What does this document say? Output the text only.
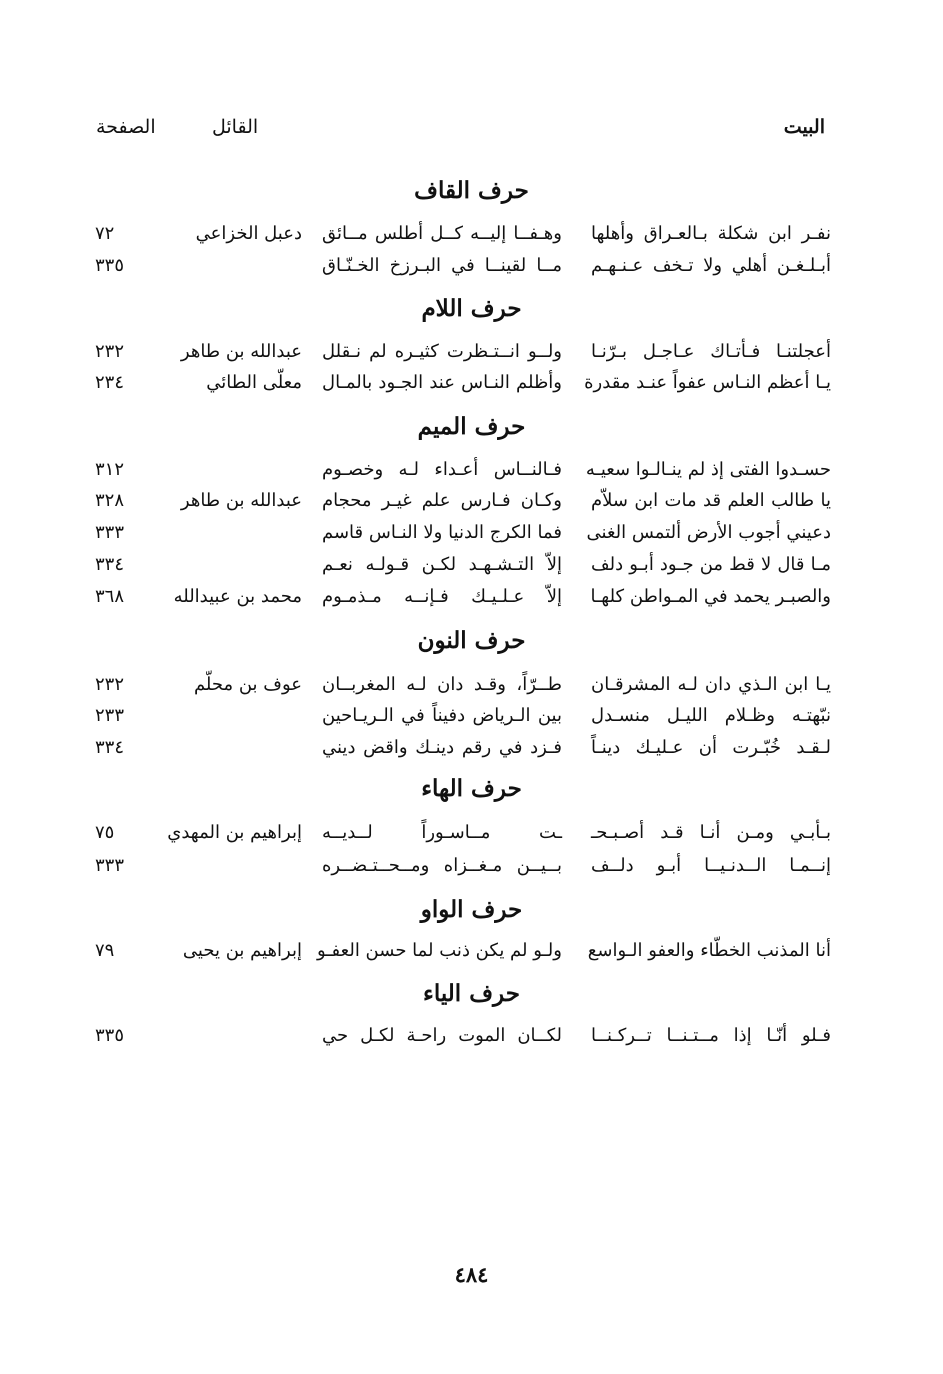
البيت
القائل
الصفحة
حرف القاف
نفـر ابن شكلة بـالعـراق وأهلها
وهـفــا إليــه كــل أطلس مــائق
دعبل الخزاعي
٧٢
أبـلـغـن أهلي ولا تـخف عـنـهـم
مــا لقينــا في البـرزخ الخـنّـاق
٣٣٥
حرف اللام
أعجلتنـا فـأتـاك عـاجـل بـرّنـا
ولــو انــتـظرت كثيـره لم نـقلل
عبدالله بن طاهر
٢٣٢
يـا أعظم النـاس عفواً عنـد مقدرة
وأظلم النـاس عند الجـود بالمـال
معلّى الطائي
٢٣٤
حرف الميم
حسـدوا الفتى إذ لم ينـالـوا سعيـه
فـالنــاس أعـداء لـه وخصـوم
٣١٢
يا طالب العلم قد مات ابن سلاّم
وكـان فـارس علم غيـر محجام
عبدالله بن طاهر
٣٢٨
دعيني أجوب الأرض ألتمس الغنى
فما الكرج الدنيا ولا النـاس قاسم
٣٣٣
مـا قال لا قط من جـود أبـو دلف
إلاّ التـشـهـد لكـن قـولـه نعـم
٣٣٤
والصبـر يحمد في المـواطن كلهـا
إلاّ عـلـيـك فـإنــه مـذمـوم
محمد بن عبيدالله
٣٦٨
حرف النون
يـا ابن الـذي دان لـه المشرقـان
طــرّاً، وقـد دان لـه المغربــان
عوف بن محلّم
٢٣٢
نبّهتـه وظـلام الليـل منسـدل
بين الـرياض دفيناً في الـريـاحين
٢٣٣
لـقـد خُبّـرت أن عـليـك دينـاً
فـزد في رقم دينـك واقض ديني
٣٣٤
حرف الهاء
بـأبـي ومـن أنـا قـد أصـبـحـ
ـت مــاسـوراً لــديــه
إبراهيم بن المهدي
٧٥
إنــمـا الــدنـيــا أبـو دلــف
بــيــن مـغــزاه ومــحــتـضــره
٣٣٣
حرف الواو
أنا المذنب الخطّاء والعفو الـواسع
ولـو لم يكن ذنب لما حسن العفـو
إبراهيم بن يحيى
٧٩
حرف الياء
فـلو أنّـا إذا مــتـنــا تــركـنــا
لكــان الموت راحـة لكـل حي
٣٣٥
٤٨٤
